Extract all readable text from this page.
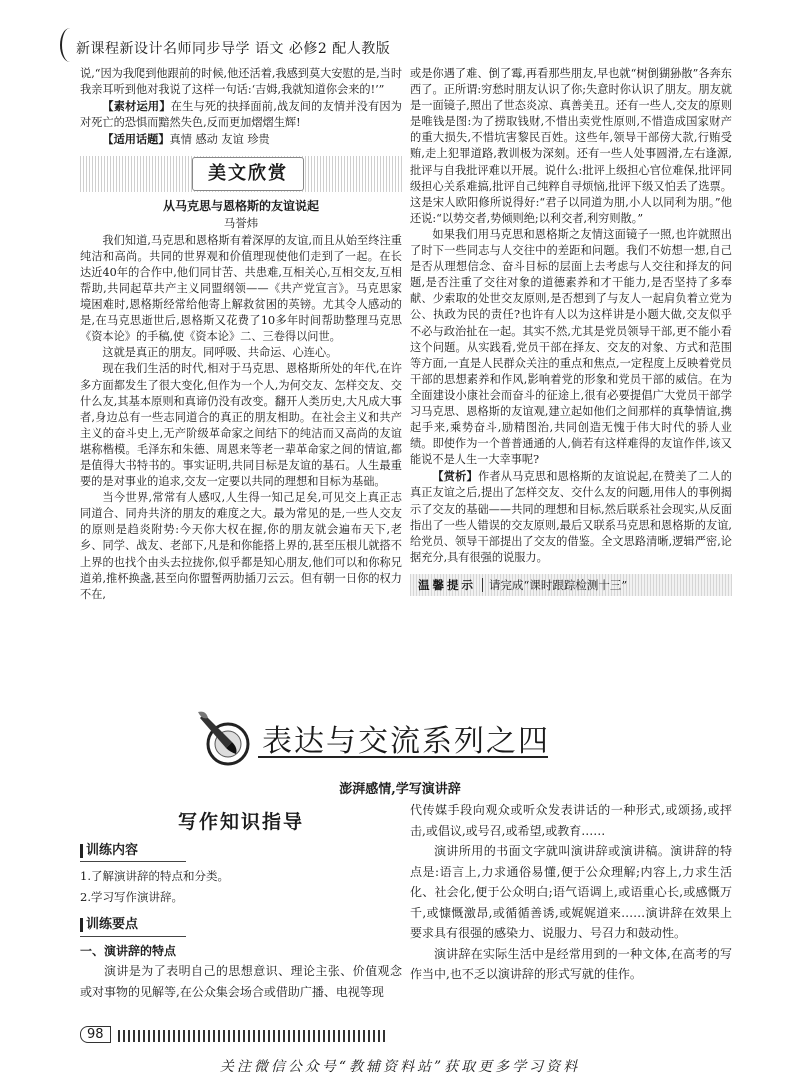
新课程新设计名师同步导学 语文 必修2 配人教版

说,“因为我爬到他跟前的时候,他还活着,我感到莫大安慰的是,当时我亲耳听到他对我说了这样一句话:‘吉姆,我就知道你会来的!’”

【素材运用】在生与死的抉择面前,战友间的友情并没有因为对死亡的恐惧而黯然失色,反而更加熠熠生辉!

【适用话题】真情 感动 友谊 珍贵

美文欣赏

从马克思与恩格斯的友谊说起

马誉炜

我们知道,马克思和恩格斯有着深厚的友谊,而且从始至终注重纯洁和高尚。共同的世界观和价值理现使他们走到了一起。在长达近40年的合作中,他们同甘苦、共患难,互相关心,互相交友,互相帮助,共同起草共产主义同盟纲领——《共产党宣言》。马克思家境困难时,恩格斯经常给他寄上解救贫困的英镑。尤其令人感动的是,在马克思逝世后,恩格斯又花费了10多年时间帮助整理马克思《资本论》的手稿,使《资本论》二、三卷得以问世。

这就是真正的朋友。同呼吸、共命运、心连心。

现在我们生活的时代,相对于马克思、恩格斯所处的年代,在许多方面都发生了很大变化,但作为一个人,为何交友、怎样交友、交什么友,其基本原则和真谛仍没有改变。翻开人类历史,大凡成大事者,身边总有一些志同道合的真正的朋友相助。在社会主义和共产主义的奋斗史上,无产阶级革命家之间结下的纯洁而又高尚的友谊堪称楷模。毛泽东和朱德、周恩来等老一辈革命家之间的情谊,都是值得大书特书的。事实证明,共同目标是友谊的基石。人生最重要的是对事业的追求,交友一定要以共同的理想和目标为基础。

当今世界,常常有人感叹,人生得一知己足矣,可见交上真正志同道合、同舟共济的朋友的难度之大。最为常见的是,一些人交友的原则是趋炎附势:今天你大权在握,你的朋友就会遍布天下,老乡、同学、战友、老部下,凡是和你能搭上界的,甚至压根儿就搭不上界的也找个由头去拉拢你,似乎都是知心朋友,他们可以和你称兄道弟,推杯换盏,甚至向你盟誓两肋插刀云云。但有朝一日你的权力不在,

或是你遇了难、倒了霉,再看那些朋友,早也就“树倒猢狲散”各奔东西了。正所谓:穷愁时朋友认识了你;失意时你认识了朋友。朋友就是一面镜子,照出了世态炎凉、真善美丑。还有一些人,交友的原则是唯钱是图:为了捞取钱财,不惜出卖党性原则,不惜造成国家财产的重大损失,不惜坑害黎民百姓。这些年,领导干部傍大款,行贿受贿,走上犯罪道路,教训极为深刻。还有一些人处事圆滑,左右逢源,批评与自我批评难以开展。说什么:批评上级担心官位难保,批评同级担心关系难搞,批评自己纯粹自寻烦恼,批评下级又怕丢了选票。这是宋人欧阳修所说得好:“君子以同道为朋,小人以同利为朋。”他还说:“以势交者,势倾则绝;以利交者,利穷则散。”

如果我们用马克思和恩格斯之友情这面镜子一照,也许就照出了时下一些同志与人交往中的差距和问题。我们不妨想一想,自己是否从理想信念、奋斗目标的层面上去考虑与人交往和择友的问题,是否注重了交往对象的道德素养和才干能力,是否坚持了多奉献、少索取的处世交友原则,是否想到了与友人一起肩负着立党为公、执政为民的责任?也许有人以为这样讲是小题大做,交友似乎不必与政治扯在一起。其实不然,尤其是党员领导干部,更不能小看这个问题。从实践看,党员干部在择友、交友的对象、方式和范围等方面,一直是人民群众关注的重点和焦点,一定程度上反映着党员干部的思想素养和作风,影响着党的形象和党员干部的威信。在为全面建设小康社会而奋斗的征途上,很有必要提倡广大党员干部学习马克思、恩格斯的友谊观,建立起如他们之间那样的真挚情谊,携起手来,乘势奋斗,励精图治,共同创造无愧于伟大时代的骄人业绩。即使作为一个普普通通的人,倘若有这样难得的友谊作伴,该又能说不是人生一大幸事呢?

【赏析】作者从马克思和恩格斯的友谊说起,在赞美了二人的真正友谊之后,提出了怎样交友、交什么友的问题,用伟人的事例揭示了交友的基础——共同的理想和目标,然后联系社会现实,从反面指出了一些人错误的交友原则,最后又联系马克思和恩格斯的友谊,给党员、领导干部提出了交友的借鉴。全文思路清晰,逻辑严密,论据充分,具有很强的说服力。

温馨提示 请完成“课时跟踪检测十三”
表达与交流系列之四
澎湃感情,学写演讲辞

写作知识指导

训练内容

1.了解演讲辞的特点和分类。

2.学习写作演讲辞。

训练要点

一、演讲辞的特点

演讲是为了表明自己的思想意识、理论主张、价值观念或对事物的见解等,在公众集会场合或借助广播、电视等现

代传媒手段向观众或听众发表讲话的一种形式,或颂扬,或抨击,或倡议,或号召,或希望,或教育……

演讲所用的书面文字就叫演讲辞或演讲稿。演讲辞的特点是:语言上,力求通俗易懂,便于公众理解;内容上,力求生活化、社会化,便于公众明白;语气语调上,或语重心长,或感慨万千,或慷慨激昂,或循循善诱,或娓娓道来……演讲辞在效果上要求具有很强的感染力、说服力、号召力和鼓动性。

演讲辞在实际生活中是经常用到的一种文体,在高考的写作当中,也不乏以演讲辞的形式写就的佳作。

98
关注微信公众号“教辅资料站”获取更多学习资料
